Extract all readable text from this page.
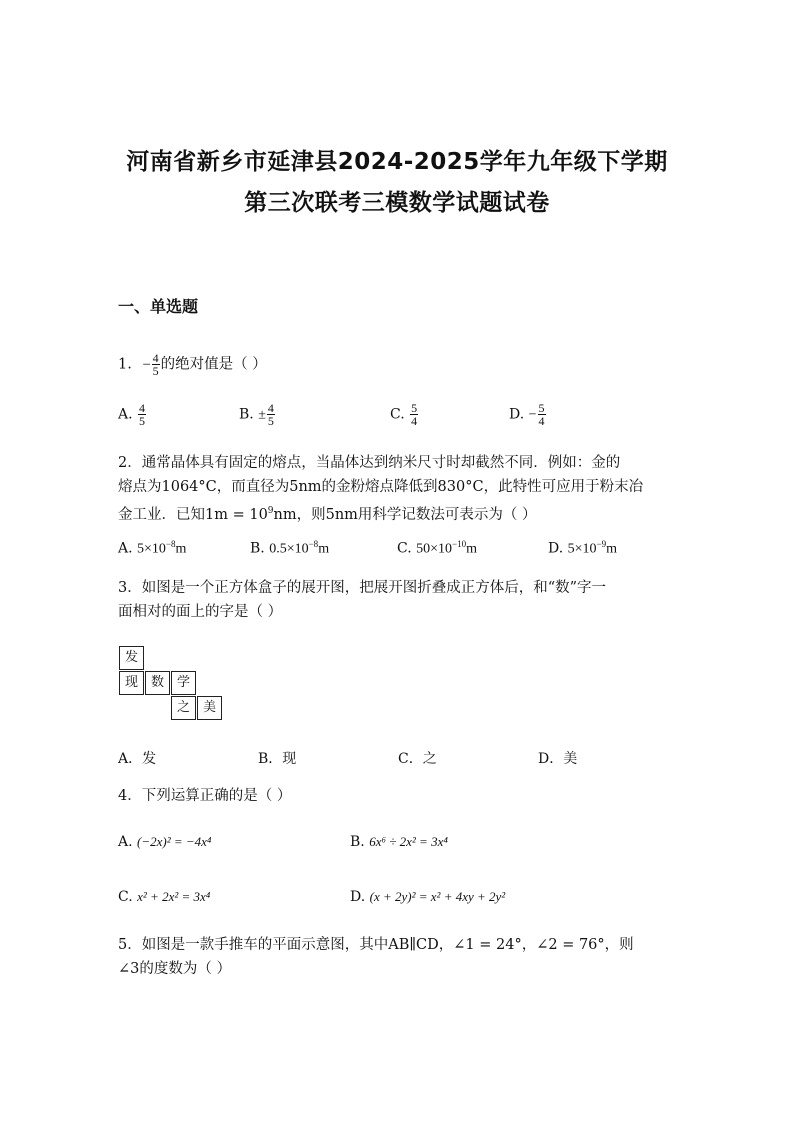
河南省新乡市延津县2024-2025学年九年级下学期
第三次联考三模数学试题试卷
一、单选题
1. − $\frac{4}{5}$ 的绝对值是（ ）
A. $\frac{4}{5}$	B. ± $\frac{4}{5}$	C. $\frac{5}{4}$	D. − $\frac{5}{4}$
2．通常晶体具有固定的熔点，当晶体达到纳米尺寸时却截然不同．例如：金的
熔点为1064°C，而直径为5nm的金粉熔点降低到830°C，此特性可应用于粉末冶
金工业．已知$1m = 10^9nm$，则5nm用科学记数法可表示为（ ）
A. $5\times 10^{-8}m$	B. $0.5\times 10^{-8}m$	C. $50\times 10^{-10}m$	D. $5\times 10^{-9}m$
3．如图是一个正方体盒子的展开图，把展开图折叠成正方体后，和“数”字一
面相对的面上的字是（ ）
发
现 数 学
之 美
A．发	B．现	C．之	D．美
4．下列运算正确的是（ ）
A. (−2x)² = −4x⁴	B. 6x⁶ ÷ 2x² = 3x⁴
C. x² + 2x² = 3x⁴	D. (x + 2y)² = x² + 4xy + 2y²
5．如图是一款手推车的平面示意图，其中AB∥CD，∠1 = 24°，∠2 = 76°，则
∠3的度数为（ ）
